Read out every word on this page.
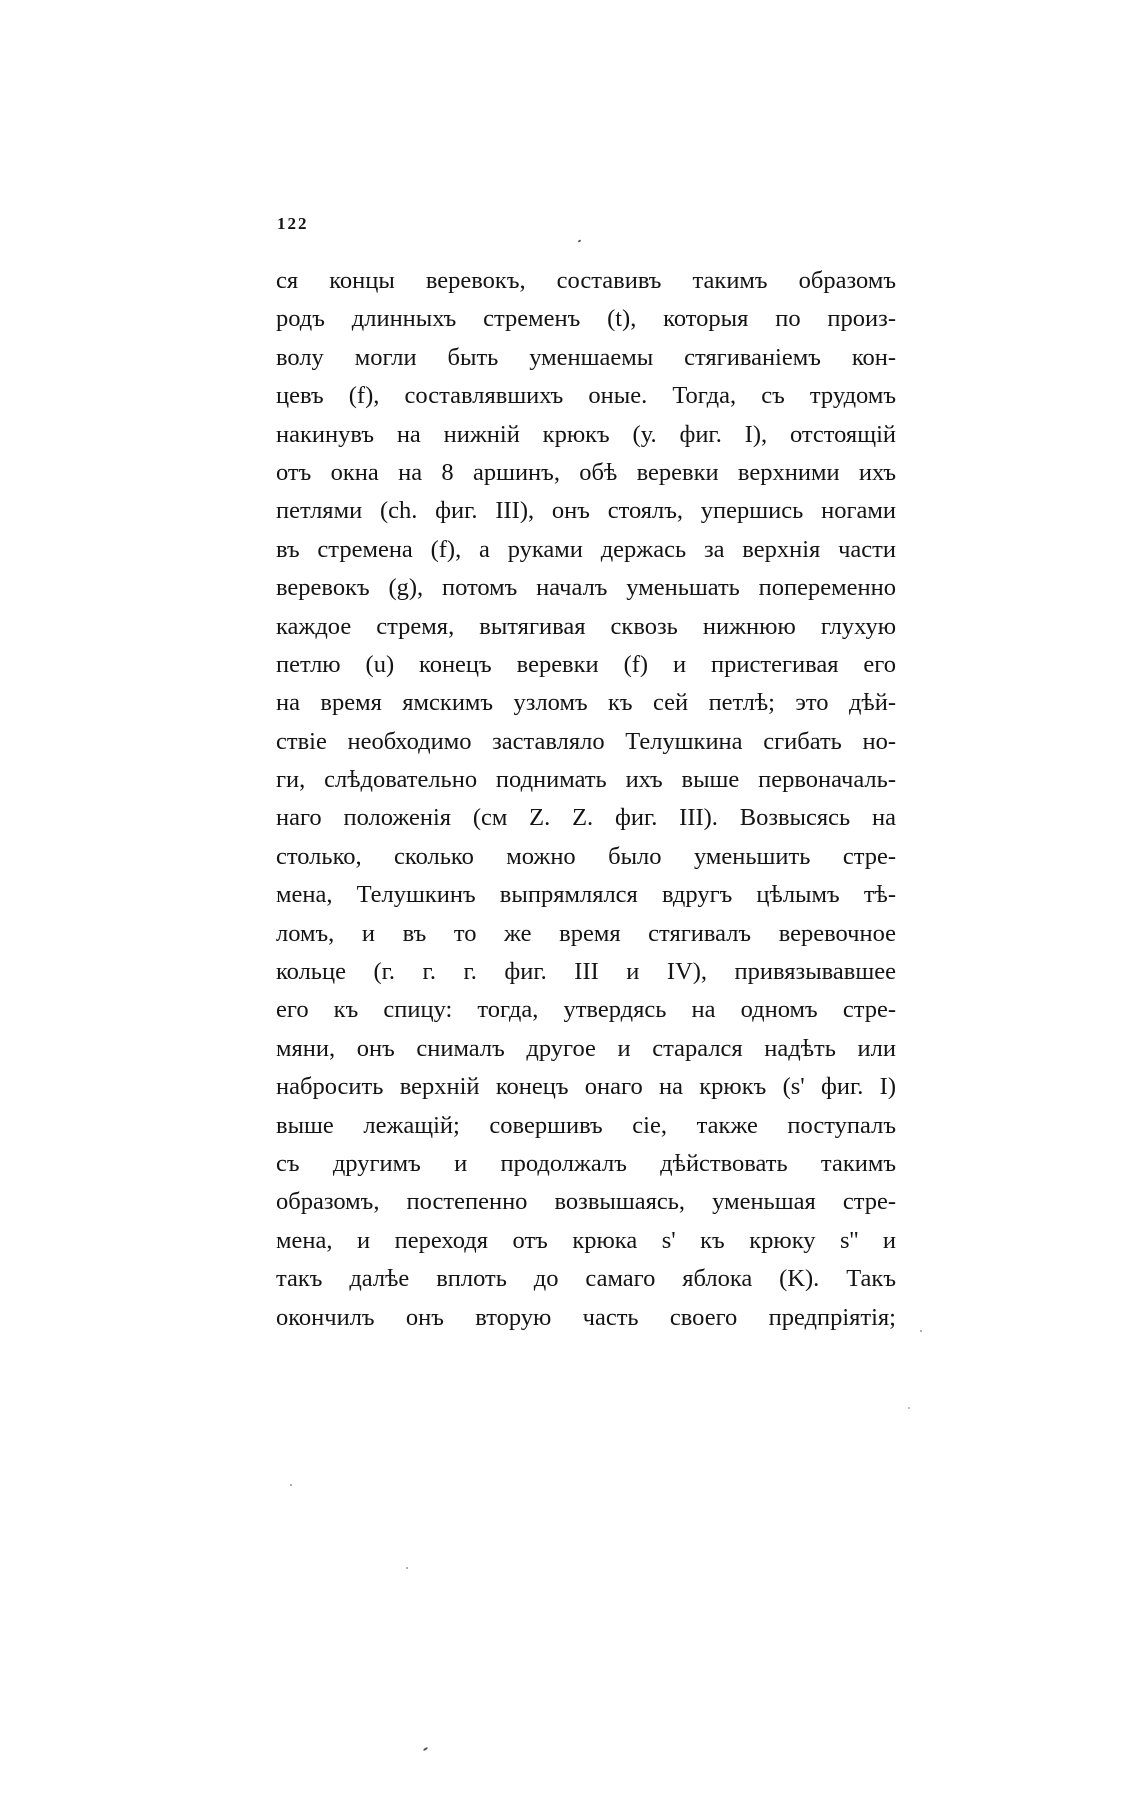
122
ся концы веревокъ, составивъ такимъ образомъ
родъ длинныхъ стременъ (t), которыя по произ-
волу могли быть уменшаемы стягиваніемъ кон-
цевъ (f), составлявшихъ оные. Тогда, съ трудомъ
накинувъ на нижній крюкъ (у. фиг. I), отстоящій
отъ окна на 8 аршинъ, обѣ веревки верхними ихъ
петлями (ch. фиг. III), онъ стоялъ, упершись ногами
въ стремена (f), а руками держась за верхнія части
веревокъ (g), потомъ началъ уменьшать попеременно
каждое стремя, вытягивая сквозь нижнюю глухую
петлю (u) конецъ веревки (f) и пристегивая его
на время ямскимъ узломъ къ сей петлѣ; это дѣй-
ствіе необходимо заставляло Телушкина сгибать но-
ги, слѣдовательно поднимать ихъ выше первоначаль-
наго положенія (см Z. Z. фиг. III). Возвысясь на
столько, сколько можно было уменьшить стре-
мена, Телушкинъ выпрямлялся вдругъ цѣлымъ тѣ-
ломъ, и въ то же время стягивалъ веревочное
кольце (г. г. г. фиг. III и IV), привязывавшее
его къ спицу: тогда, утвердясь на одномъ стре-
мяни, онъ снималъ другое и старался надѣть или
набросить верхній конецъ онаго на крюкъ (s' фиг. I)
выше лежащій; совершивъ сіе, также поступалъ
съ другимъ и продолжалъ дѣйствовать такимъ
образомъ, постепенно возвышаясь, уменьшая стре-
мена, и переходя отъ крюка s' къ крюку s'' и
такъ далѣе вплоть до самаго яблока (K). Такъ
окончилъ онъ вторую часть своего предпріятія;
